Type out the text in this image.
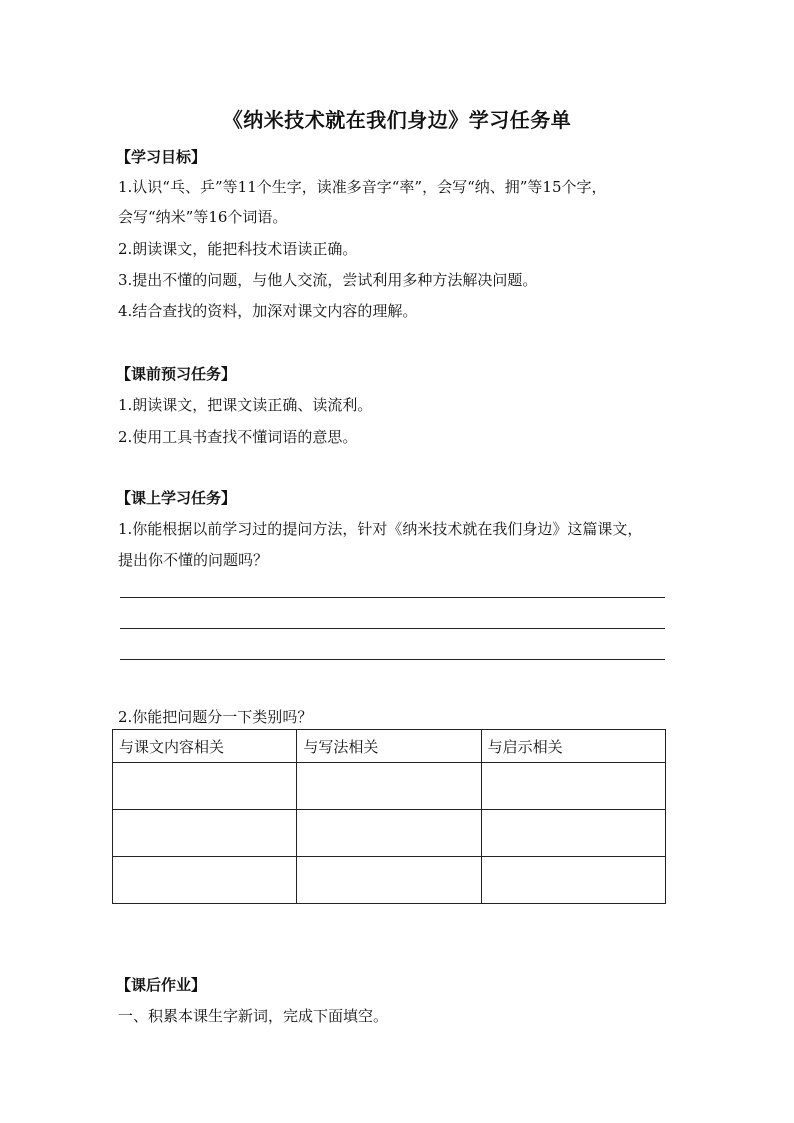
《纳米技术就在我们身边》学习任务单
【学习目标】
1.认识“乓、乒”等11个生字，读准多音字“率”，会写“纳、拥”等15个字，
会写“纳米”等16个词语。
2.朗读课文，能把科技术语读正确。
3.提出不懂的问题，与他人交流，尝试利用多种方法解决问题。
4.结合查找的资料，加深对课文内容的理解。
【课前预习任务】
1.朗读课文，把课文读正确、读流利。
2.使用工具书查找不懂词语的意思。
【课上学习任务】
1.你能根据以前学习过的提问方法，针对《纳米技术就在我们身边》这篇课文，
提出你不懂的问题吗？
2.你能把问题分一下类别吗？
与课文内容相关	与写法相关	与启示相关

【课后作业】
一、积累本课生字新词，完成下面填空。
